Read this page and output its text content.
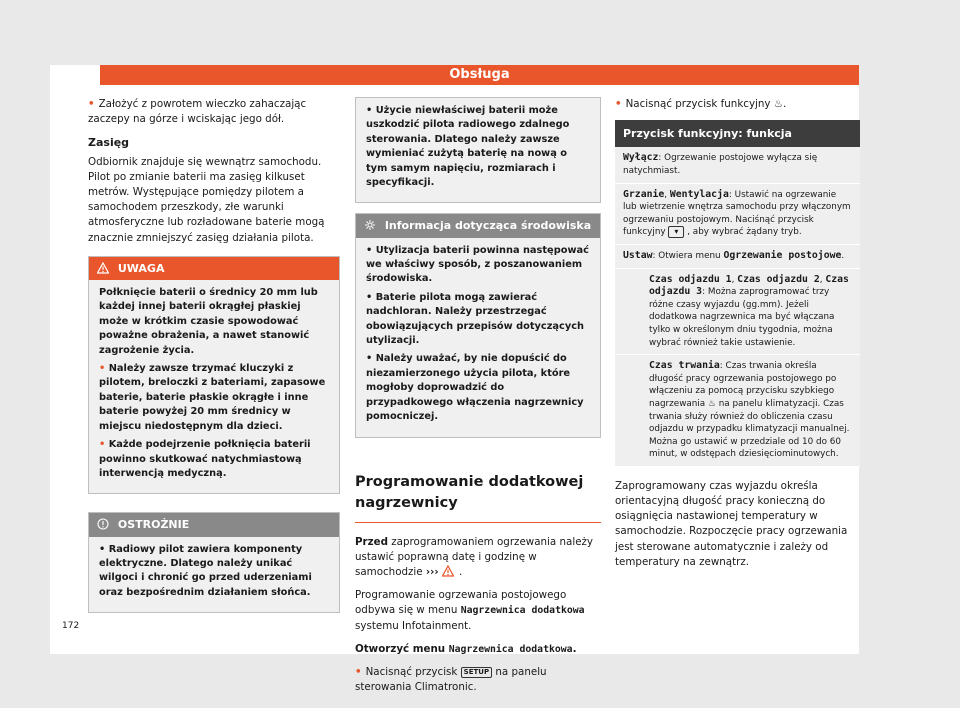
Obsługa

• Założyć z powrotem wieczko zahaczając zaczepy na górze i wciskając jego dół.

Zasięg

Odbiornik znajduje się wewnątrz samochodu. Pilot po zmianie baterii ma zasięg kilkuset metrów. Występujące pomiędzy pilotem a samochodem przeszkody, złe warunki atmosferyczne lub rozładowane baterie mogą znacznie zmniejszyć zasięg działania pilota.

UWAGA

Połknięcie baterii o średnicy 20 mm lub każdej innej baterii okrągłej płaskiej może w krótkim czasie spowodować poważne obrażenia, a nawet stanowić zagrożenie życia.

• Należy zawsze trzymać kluczyki z pilotem, breloczki z bateriami, zapasowe baterie, baterie płaskie okrągłe i inne baterie powyżej 20 mm średnicy w miejscu niedostępnym dla dzieci.

• Każde podejrzenie połknięcia baterii powinno skutkować natychmiastową interwencją medyczną.

OSTROŻNIE

• Radiowy pilot zawiera komponenty elektryczne. Dlatego należy unikać wilgoci i chronić go przed uderzeniami oraz bezpośrednim działaniem słońca.

172

• Użycie niewłaściwej baterii może uszkodzić pilota radiowego zdalnego sterowania. Dlatego należy zawsze wymieniać zużytą baterię na nową o tym samym napięciu, rozmiarach i specyfikacji.

Informacja dotycząca środowiska

• Utylizacja baterii powinna następować we właściwy sposób, z poszanowaniem środowiska.

• Baterie pilota mogą zawierać nadchloran. Należy przestrzegać obowiązujących przepisów dotyczących utylizacji.

• Należy uważać, by nie dopuścić do niezamierzonego użycia pilota, które mogłoby doprowadzić do przypadkowego włączenia nagrzewnicy pomocniczej.

Programowanie dodatkowej nagrzewnicy

Przed zaprogramowaniem ogrzewania należy ustawić poprawną datę i godzinę w samochodzie ››› .

Programowanie ogrzewania postojowego odbywa się w menu Nagrzewnica dodatkowa systemu Infotainment.

Otworzyć menu Nagrzewnica dodatkowa.

• Nacisnąć przycisk SETUP na panelu sterowania Climatronic.

• Nacisnąć przycisk funkcyjny ♨.

Przycisk funkcyjny: funkcja
Wyłącz: Ogrzewanie postojowe wyłącza się natychmiast.
Grzanie, Wentylacja: Ustawić na ogrzewanie lub wietrzenie wnętrza samochodu przy włączonym ogrzewaniu postojowym. Naciśnąć przycisk funkcyjny ▾ , aby wybrać żądany tryb.
Ustaw: Otwiera menu Ogrzewanie postojowe.
Czas odjazdu 1, Czas odjazdu 2, Czas odjazdu 3: Można zaprogramować trzy różne czasy wyjazdu (gg.mm). Jeżeli dodatkowa nagrzewnica ma być włączana tylko w określonym dniu tygodnia, można wybrać również takie ustawienie.
Czas trwania: Czas trwania określa długość pracy ogrzewania postojowego po włączeniu za pomocą przycisku szybkiego nagrzewania ♨ na panelu klimatyzacji. Czas trwania służy również do obliczenia czasu odjazdu w przypadku klimatyzacji manualnej. Można go ustawić w przedziale od 10 do 60 minut, w odstępach dziesięciominutowych.

Zaprogramowany czas wyjazdu określa orientacyjną długość pracy konieczną do osiągnięcia nastawionej temperatury w samochodzie. Rozpoczęcie pracy ogrzewania jest sterowane automatycznie i zależy od temperatury na zewnątrz.
